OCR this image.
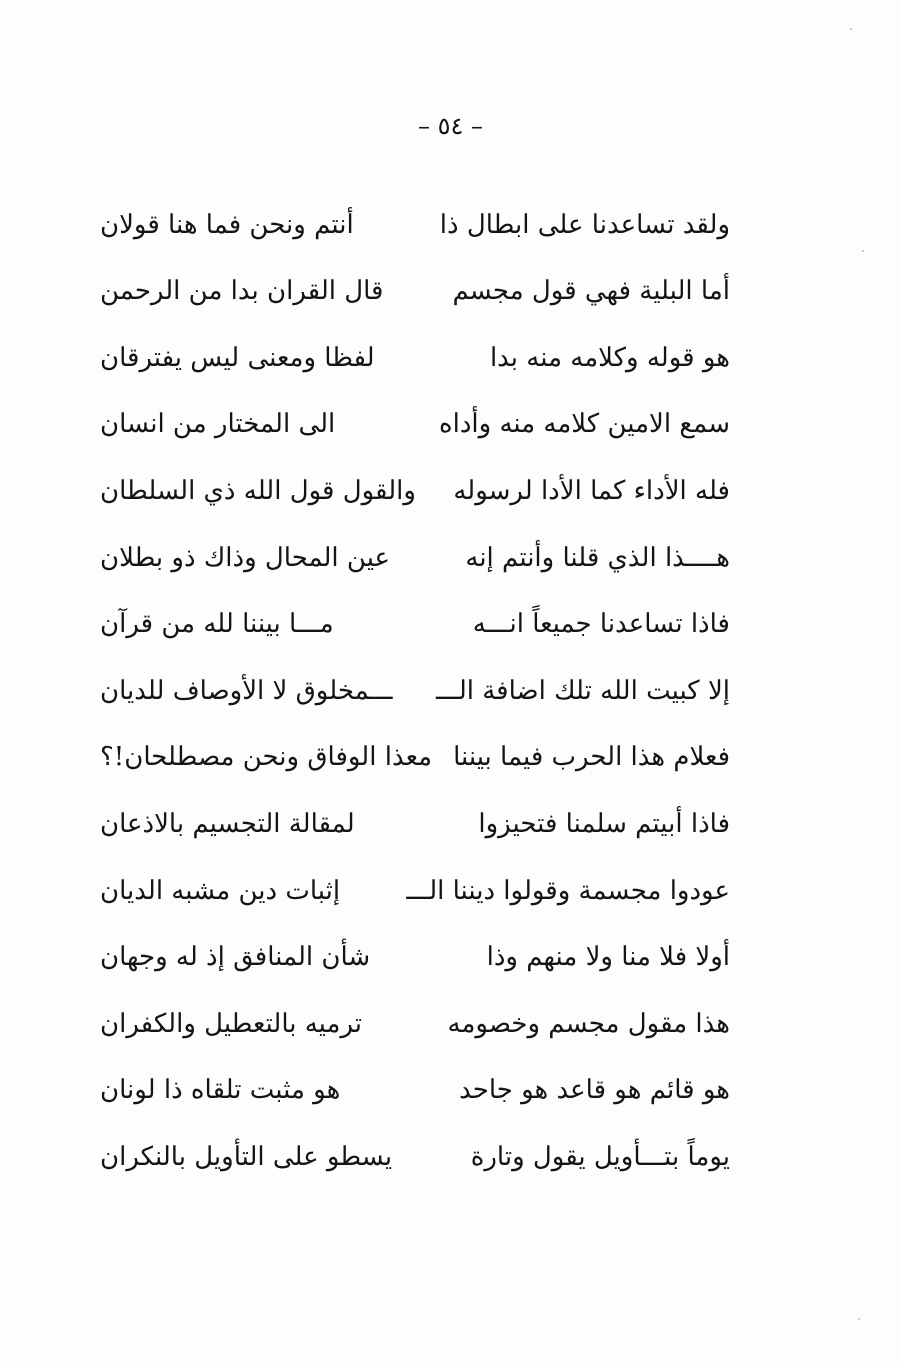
– ٥٤ –
ولقد تساعدنا على ابطال ذا
أنتم ونحن فما هنا قولان
أما البلية فهي قول مجسم
قال القران بدا من الرحمن
هو قوله وكلامه منه بدا
لفظا ومعنى ليس يفترقان
سمع الامين كلامه منه وأداه
الى المختار من انسان
فله الأداء كما الأدا لرسوله
والقول قول الله ذي السلطان
هــــذا الذي قلنا وأنتم إنه
عين المحال وذاك ذو بطلان
فاذا تساعدنا جميعاً انـــه
مـــا بيننا لله من قرآن
إلا كبيت الله تلك اضافة الـــ
ـــمخلوق لا الأوصاف للديان
فعلام هذا الحرب فيما بيننا
معذا الوفاق ونحن مصطلحان!؟
فاذا أبيتم سلمنا فتحيزوا
لمقالة التجسيم بالاذعان
عودوا مجسمة وقولوا ديننا الـــ
إثبات دين مشبه الديان
أولا فلا منا ولا منهم وذا
شأن المنافق إذ له وجهان
هذا مقول مجسم وخصومه
ترميه بالتعطيل والكفران
هو قائم هو قاعد هو جاحد
هو مثبت تلقاه ذا لونان
يوماً بتـــأويل يقول وتارة
يسطو على التأويل بالنكران
